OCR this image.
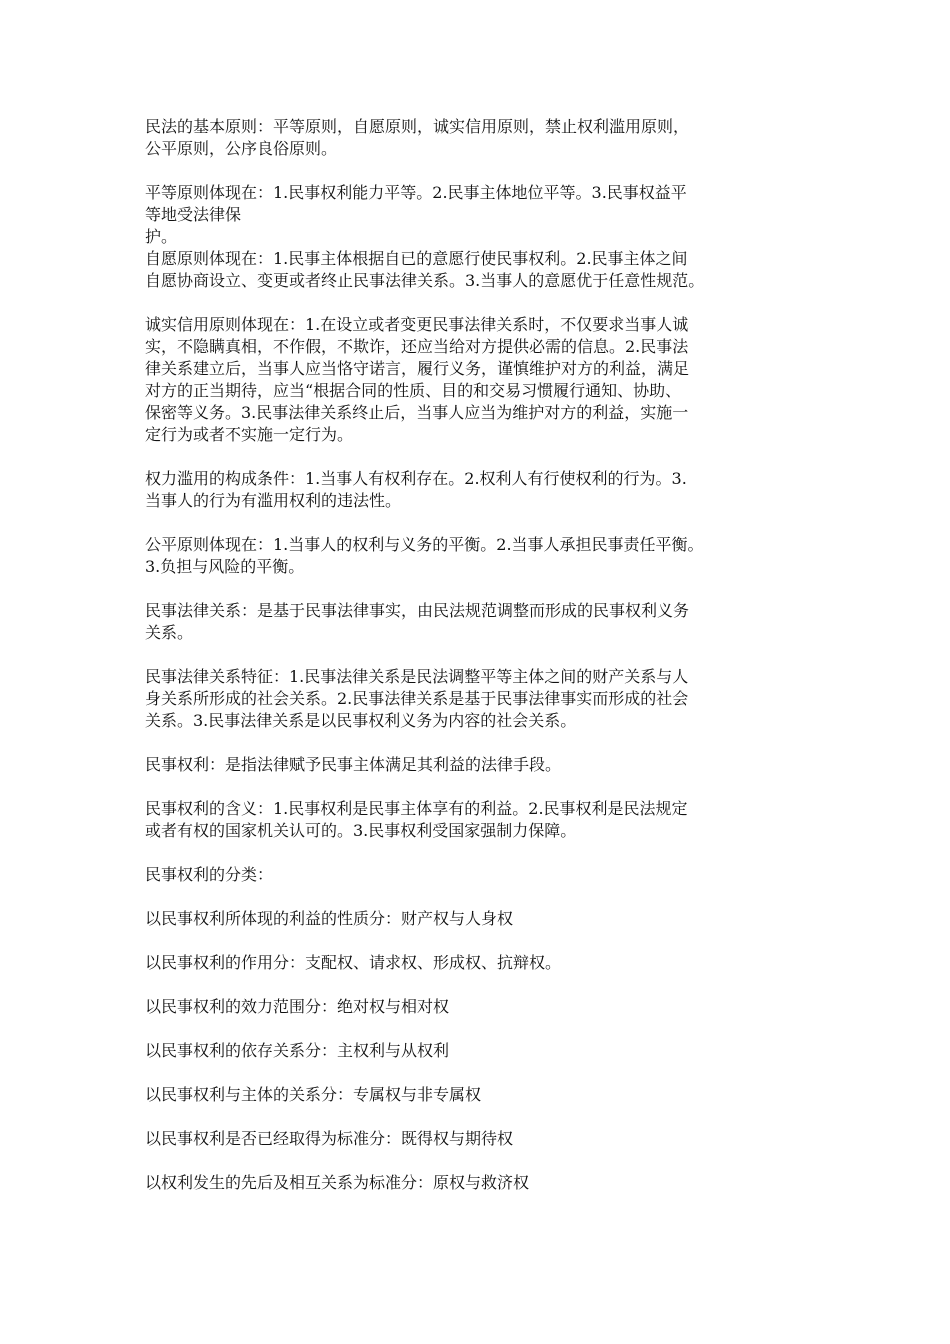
民法的基本原则：平等原则，自愿原则，诚实信用原则，禁止权利滥用原则，
公平原则，公序良俗原则。

平等原则体现在：1.民事权利能力平等。2.民事主体地位平等。3.民事权益平
等地受法律保
护。

自愿原则体现在：1.民事主体根据自已的意愿行使民事权利。2.民事主体之间
自愿协商设立、变更或者终止民事法律关系。3.当事人的意愿优于任意性规范。

诚实信用原则体现在：1.在设立或者变更民事法律关系时，不仅要求当事人诚
实，不隐瞒真相，不作假，不欺诈，还应当给对方提供必需的信息。2.民事法
律关系建立后，当事人应当恪守诺言，履行义务，谨慎维护对方的利益，满足
对方的正当期待，应当“根据合同的性质、目的和交易习惯履行通知、协助、
保密等义务。3.民事法律关系终止后，当事人应当为维护对方的利益，实施一
定行为或者不实施一定行为。

权力滥用的构成条件：1.当事人有权利存在。2.权利人有行使权利的行为。3.
当事人的行为有滥用权利的违法性。

公平原则体现在：1.当事人的权利与义务的平衡。2.当事人承担民事责任平衡。
3.负担与风险的平衡。

民事法律关系：是基于民事法律事实，由民法规范调整而形成的民事权利义务
关系。

民事法律关系特征：1.民事法律关系是民法调整平等主体之间的财产关系与人
身关系所形成的社会关系。2.民事法律关系是基于民事法律事实而形成的社会
关系。3.民事法律关系是以民事权利义务为内容的社会关系。

民事权利：是指法律赋予民事主体满足其利益的法律手段。

民事权利的含义：1.民事权利是民事主体享有的利益。2.民事权利是民法规定
或者有权的国家机关认可的。3.民事权利受国家强制力保障。

民事权利的分类：

以民事权利所体现的利益的性质分：财产权与人身权

以民事权利的作用分：支配权、请求权、形成权、抗辩权。

以民事权利的效力范围分：绝对权与相对权

以民事权利的依存关系分：主权利与从权利

以民事权利与主体的关系分：专属权与非专属权

以民事权利是否已经取得为标准分：既得权与期待权

以权利发生的先后及相互关系为标准分：原权与救济权
